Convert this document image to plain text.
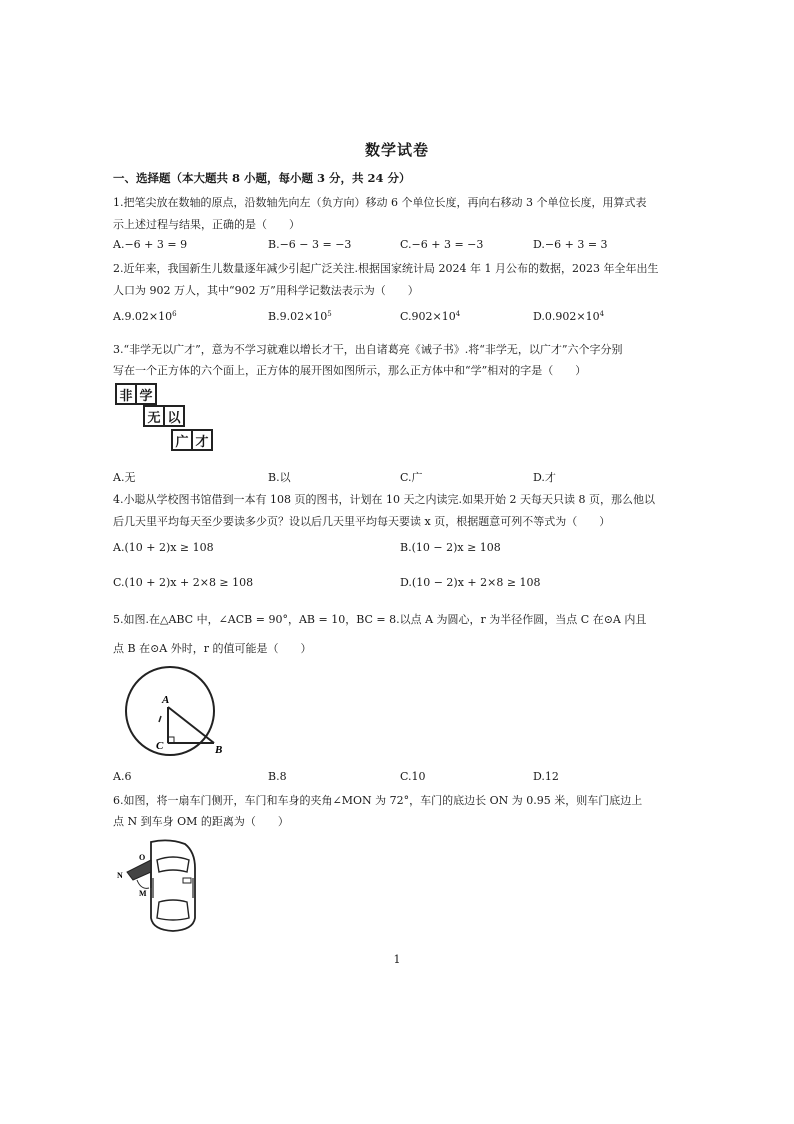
数学试卷
一、选择题（本大题共 8 小题，每小题 3 分，共 24 分）
1.把笔尖放在数轴的原点，沿数轴先向左（负方向）移动 6 个单位长度，再向右移动 3 个单位长度，用算式表
示上述过程与结果，正确的是（　　）
A.−6 + 3 = 9	B.−6 − 3 = −3	C.−6 + 3 = −3	D.−6 + 3 = 3
2.近年来，我国新生儿数量逐年减少引起广泛关注.根据国家统计局 2024 年 1 月公布的数据，2023 年全年出生
人口为 902 万人，其中“902 万”用科学记数法表示为（　　）
$A.9.02\times 10^6$	$B.9.02\times 10^5$	$C.902\times 10^4$	$D.0.902\times 10^4$
3.“非学无以广才”，意为不学习就难以增长才干，出自诸葛亮《诫子书》.将“非学无，以广才”六个字分别
写在一个正方体的六个面上，正方体的展开图如图所示，那么正方体中和“学”相对的字是（　　）
非 学
无 以
广 才
A.无	B.以	C.广	D.才
4.小聪从学校图书馆借到一本有 108 页的图书，计划在 10 天之内读完.如果开始 2 天每天只读 8 页，那么他以
后几天里平均每天至少要读多少页？设以后几天里平均每天要读 x 页，根据题意可列不等式为（　　）
A.(10 + 2)x ≥ 108	B.(10 − 2)x ≥ 108
C.(10 + 2)x + 2×8 ≥ 108	D.(10 − 2)x + 2×8 ≥ 108
5.如图.在△ABC 中，∠ACB = 90°，AB = 10，BC = 8.以点 A 为圆心，r 为半径作圆，当点 C 在⊙A 内且
点 B 在⊙A 外时，r 的值可能是（　　）
A
C	B
A.6	B.8	C.10	D.12
6.如图，将一扇车门侧开，车门和车身的夹角∠MON 为 72°，车门的底边长 ON 为 0.95 米，则车门底边上
点 N 到车身 OM 的距离为（　　）
O
N
M
1
